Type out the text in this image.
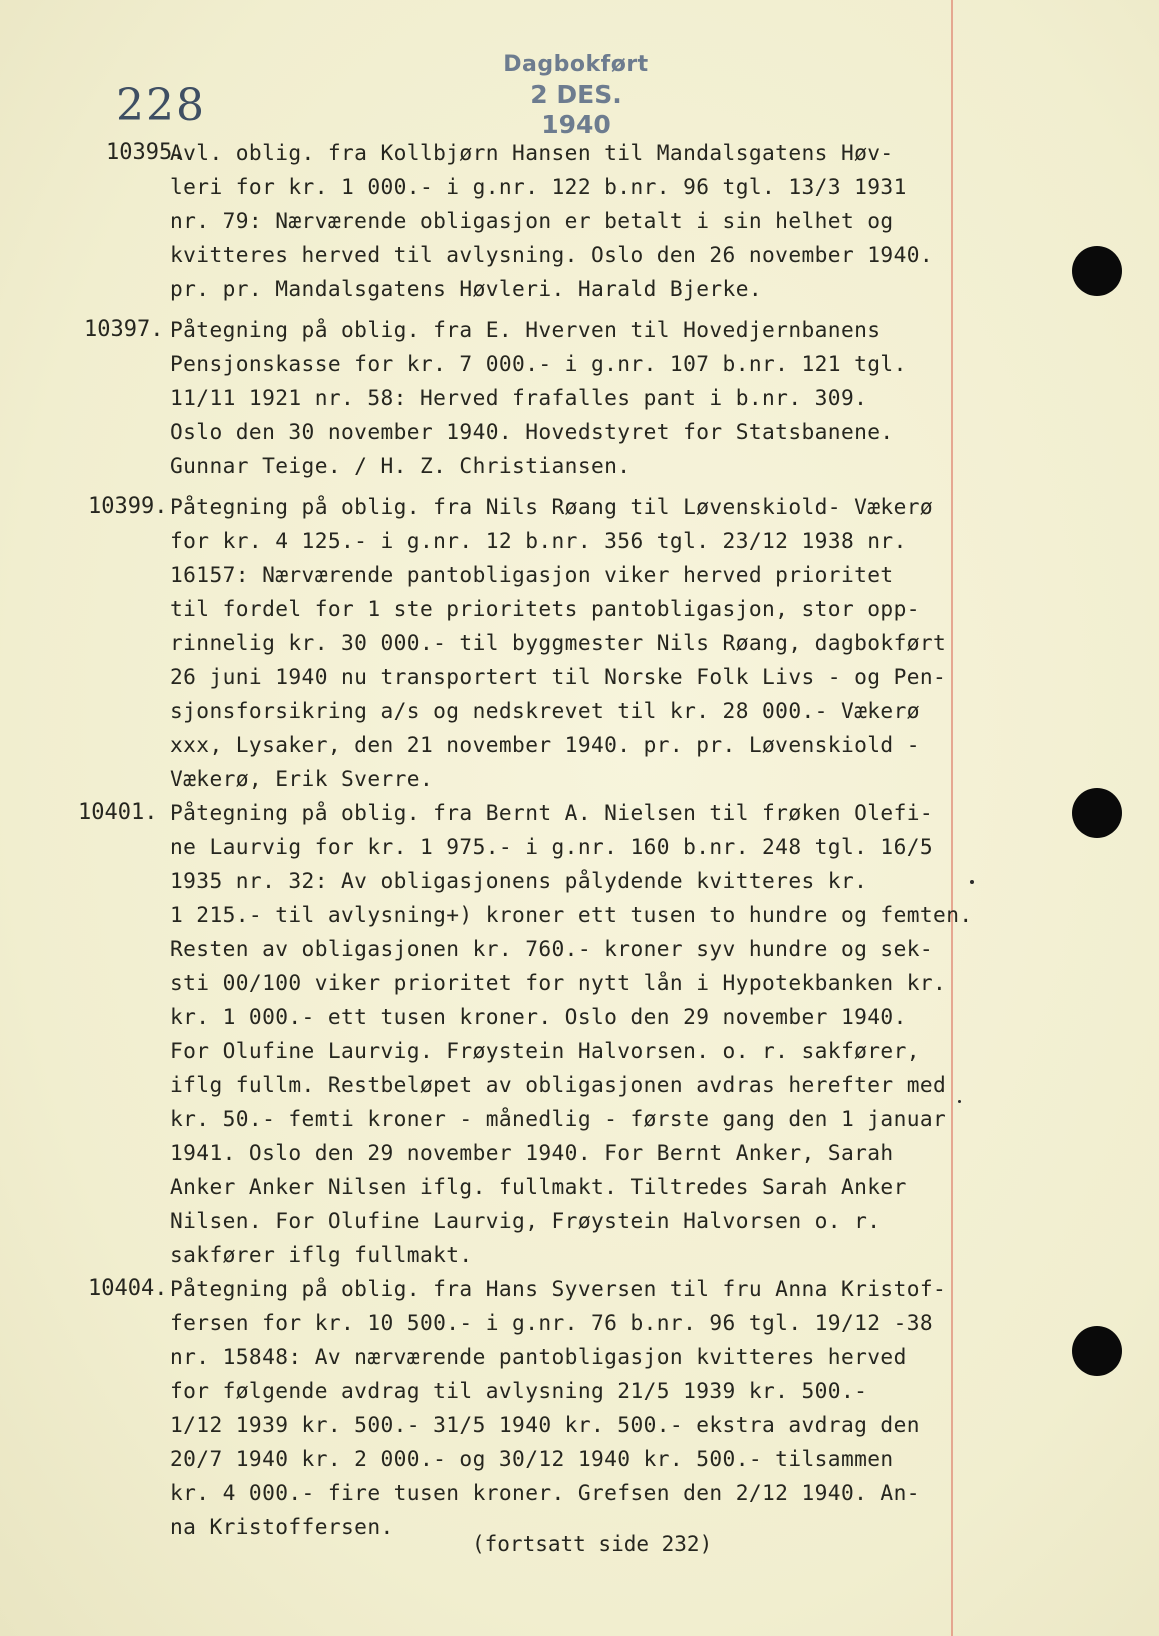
228
Dagbokført
2 DES. 1940
10395.
Avl. oblig. fra Kollbjørn Hansen til Mandalsgatens Høv-
leri for kr. 1 000.- i g.nr. 122 b.nr. 96 tgl. 13/3 1931
nr. 79: Nærværende obligasjon er betalt i sin helhet og
kvitteres herved til avlysning. Oslo den 26 november 1940.
pr. pr. Mandalsgatens Høvleri. Harald Bjerke.
10397. Påtegning på oblig. fra E. Hverven til Hovedjernbanens
Pensjonskasse for kr. 7 000.- i g.nr. 107 b.nr. 121 tgl.
11/11 1921 nr. 58: Herved frafalles pant i b.nr. 309.
Oslo den 30 november 1940. Hovedstyret for Statsbanene.
Gunnar Teige. / H. Z. Christiansen.
10399. Påtegning på oblig. fra Nils Røang til Løvenskiold- Vækerø
for kr. 4 125.- i g.nr. 12 b.nr. 356 tgl. 23/12 1938 nr.
16157: Nærværende pantobligasjon viker herved prioritet
til fordel for 1 ste prioritets pantobligasjon, stor opp-
rinnelig kr. 30 000.- til byggmester Nils Røang, dagbokført
26 juni 1940 nu transportert til Norske Folk Livs - og Pen-
sjonsforsikring a/s og nedskrevet til kr. 28 000.- Vækerø
xxx, Lysaker, den 21 november 1940. pr. pr. Løvenskiold -
Vækerø, Erik Sverre.
10401. Påtegning på oblig. fra Bernt A. Nielsen til frøken Olefi-
ne Laurvig for kr. 1 975.- i g.nr. 160 b.nr. 248 tgl. 16/5
1935 nr. 32: Av obligasjonens pålydende kvitteres kr.
1 215.- til avlysning+) kroner ett tusen to hundre og femten.
Resten av obligasjonen kr. 760.- kroner syv hundre og sek-
sti 00/100 viker prioritet for nytt lån i Hypotekbanken kr.
kr. 1 000.- ett tusen kroner. Oslo den 29 november 1940.
For Olufine Laurvig. Frøystein Halvorsen. o. r. sakfører,
iflg fullm. Restbeløpet av obligasjonen avdras herefter med
kr. 50.- femti kroner - månedlig - første gang den 1 januar
1941. Oslo den 29 november 1940. For Bernt Anker, Sarah
Anker Anker Nilsen iflg. fullmakt. Tiltredes Sarah Anker
Nilsen. For Olufine Laurvig, Frøystein Halvorsen o. r.
sakfører iflg fullmakt.
10404. Påtegning på oblig. fra Hans Syversen til fru Anna Kristof-
fersen for kr. 10 500.- i g.nr. 76 b.nr. 96 tgl. 19/12 -38
nr. 15848: Av nærværende pantobligasjon kvitteres herved
for følgende avdrag til avlysning 21/5 1939 kr. 500.-
1/12 1939 kr. 500.- 31/5 1940 kr. 500.- ekstra avdrag den
20/7 1940 kr. 2 000.- og 30/12 1940 kr. 500.- tilsammen
kr. 4 000.- fire tusen kroner. Grefsen den 2/12 1940. An-
na Kristoffersen.
(fortsatt side 232)
